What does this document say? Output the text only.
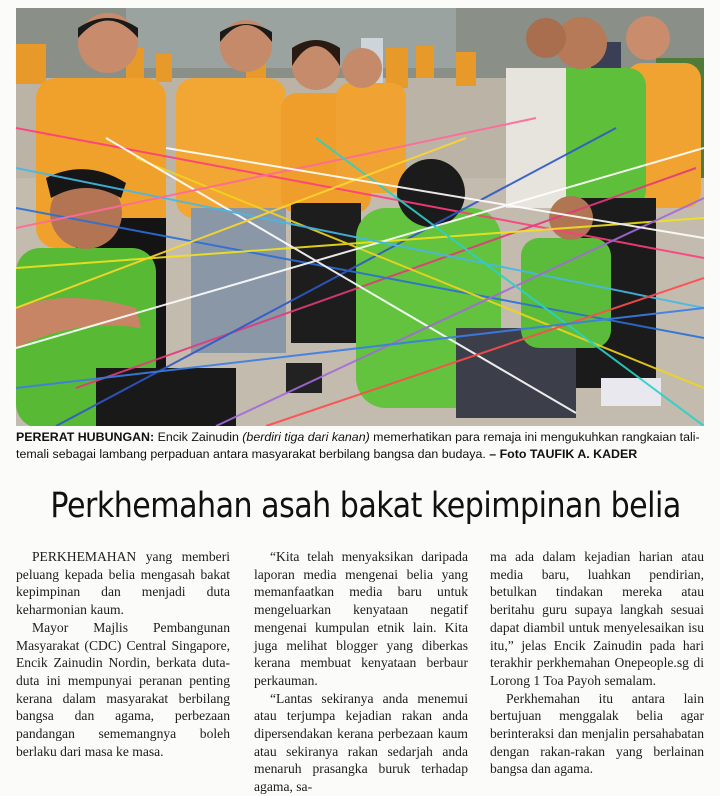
PERERAT HUBUNGAN: Encik Zainudin (berdiri tiga dari kanan) memerhatikan para remaja ini mengukuhkan rangkaian tali-temali sebagai lambang perpaduan antara masyarakat berbilang bangsa dan budaya. – Foto TAUFIK A. KADER
Perkhemahan asah bakat kepimpinan belia

PERKHEMAHAN yang memberi peluang kepada belia mengasah bakat kepimpinan dan menjadi duta keharmonian kaum.

Mayor Majlis Pembangunan Masyarakat (CDC) Central Singapore, Encik Zainudin Nordin, berkata duta-duta ini mempunyai peranan penting kerana dalam masyarakat berbilang bangsa dan agama, perbezaan pandangan sememangnya boleh berlaku dari masa ke masa.

“Kita telah menyaksikan daripada laporan media mengenai belia yang memanfaatkan media baru untuk mengeluarkan kenyataan negatif mengenai kumpulan etnik lain. Kita juga melihat blogger yang diberkas kerana membuat kenyataan berbaur perkauman.

“Lantas sekiranya anda menemui atau terjumpa kejadian rakan anda dipersendakan kerana perbezaan kaum atau sekiranya rakan sedarjah anda menaruh prasangka buruk terhadap agama, sa-

ma ada dalam kejadian harian atau media baru, luahkan pendirian, betulkan tindakan mereka atau beritahu guru supaya langkah sesuai dapat diambil untuk menyelesaikan isu itu,” jelas Encik Zainudin pada hari terakhir perkhemahan Onepeople.sg di Lorong 1 Toa Payoh semalam.

Perkhemahan itu antara lain bertujuan menggalak belia agar berinteraksi dan menjalin persahabatan dengan rakan-rakan yang berlainan bangsa dan agama.
